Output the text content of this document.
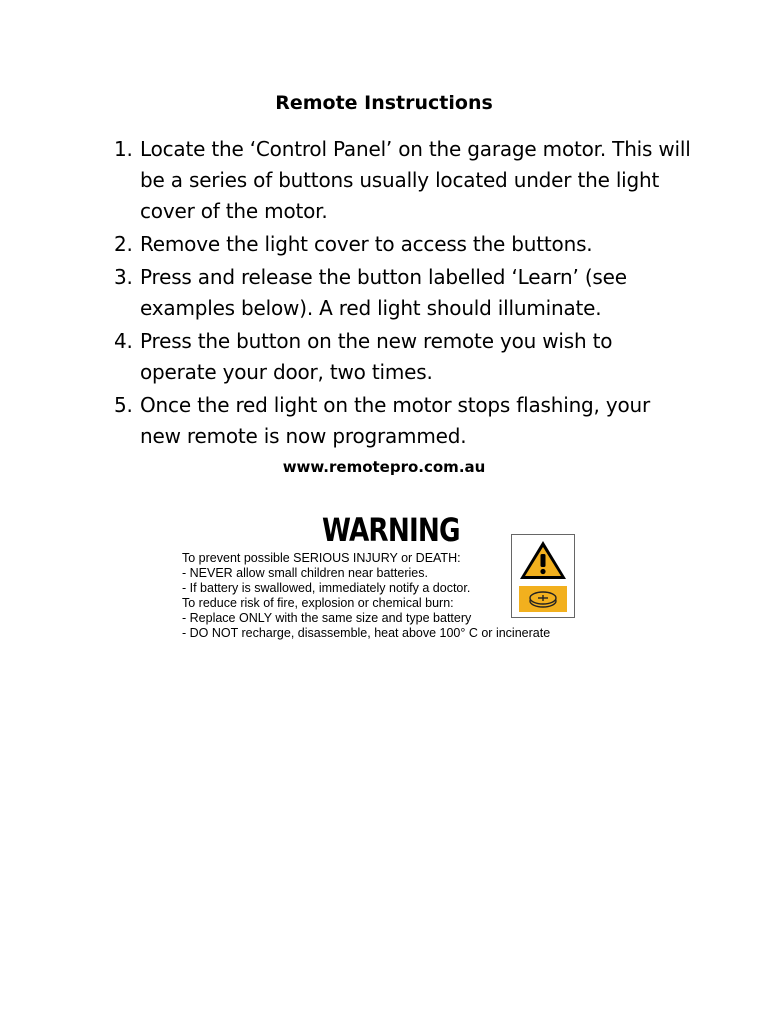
Remote Instructions
1. Locate the ‘Control Panel’ on the garage motor. This will be a series of buttons usually located under the light cover of the motor.
2. Remove the light cover to access the buttons.
3. Press and release the button labelled ‘Learn’ (see examples below). A red light should illuminate.
4. Press the button on the new remote you wish to operate your door, two times.
5. Once the red light on the motor stops flashing, your new remote is now programmed.
www.remotepro.com.au
WARNING
To prevent possible SERIOUS INJURY or DEATH:
- NEVER allow small children near batteries.
- If battery is swallowed, immediately notify a doctor.
To reduce risk of fire, explosion or chemical burn:
- Replace ONLY with the same size and type battery
- DO NOT recharge, disassemble, heat above 100° C or incinerate
